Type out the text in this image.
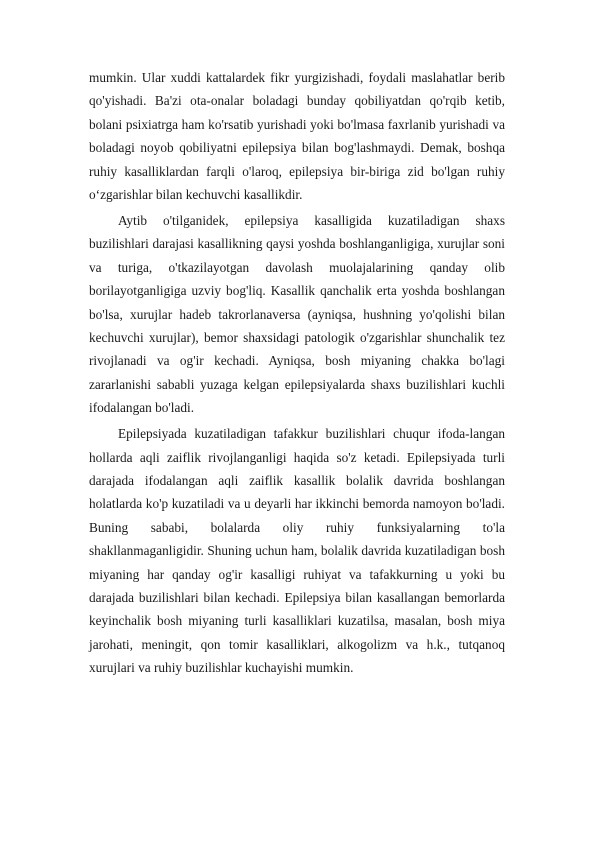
mumkin. Ular xuddi kattalardek fikr yurgizishadi, foydali maslahatlar berib qo'yishadi. Ba'zi ota-onalar boladagi bunday qobiliyatdan qo'rqib ketib, bolani psixiatrga ham ko'rsatib yurishadi yoki bo'lmasa faxrlanib yurishadi va boladagi noyob qobiliyatni epilepsiya bilan bog'lashmaydi. Demak, boshqa ruhiy kasalliklardan farqli o'laroq, epilepsiya bir-biriga zid bo'lgan ruhiy o‘zgarishlar bilan kechuvchi kasallikdir.

Aytib o'tilganidek, epilepsiya kasalligida kuzatiladigan shaxs buzilishlari darajasi kasallikning qaysi yoshda boshlanganligiga, xurujlar soni va turiga, o'tkazilayotgan davolash muolajalarining qanday olib borilayotganligiga uzviy bog'liq. Kasallik qanchalik erta yoshda boshlangan bo'lsa, xurujlar hadeb takrorlanaversa (ayniqsa, hushning yo'qolishi bilan kechuvchi xurujlar), bemor shaxsidagi patologik o'zgarishlar shunchalik tez rivojlanadi va og'ir kechadi. Ayniqsa, bosh miyaning chakka bo'lagi zararlanishi sababli yuzaga kelgan epilepsiyalarda shaxs buzilishlari kuchli ifodalangan bo'ladi.

Epilepsiyada kuzatiladigan tafakkur buzilishlari chuqur ifoda-langan hollarda aqli zaiflik rivojlanganligi haqida so'z ketadi. Epilepsiyada turli darajada ifodalangan aqli zaiflik kasallik bolalik davrida boshlangan holatlarda ko'p kuzatiladi va u deyarli har ikkinchi bemorda namoyon bo'ladi. Buning sababi, bolalarda oliy ruhiy funksiyalarning to'la shakllanmaganligidir. Shuning uchun ham, bolalik davrida kuzatiladigan bosh miyaning har qanday og'ir kasalligi ruhiyat va tafakkurning u yoki bu darajada buzilishlari bilan kechadi. Epilepsiya bilan kasallangan bemorlarda keyinchalik bosh miyaning turli kasalliklari kuzatilsa, masalan, bosh miya jarohati, meningit, qon tomir kasalliklari, alkogolizm va h.k., tutqanoq xurujlari va ruhiy buzilishlar kuchayishi mumkin.
